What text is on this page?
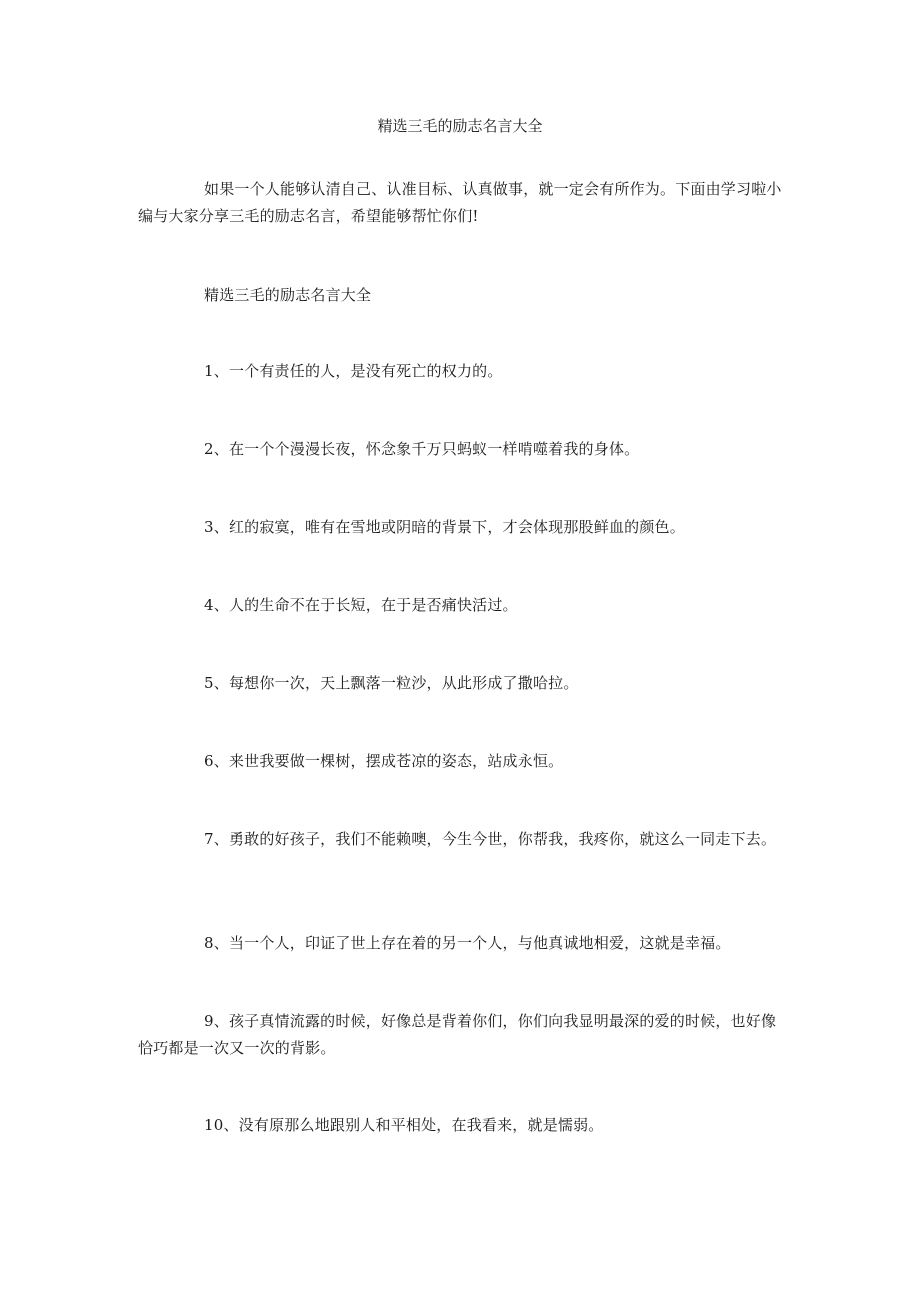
精选三毛的励志名言大全

如果一个人能够认清自己、认准目标、认真做事，就一定会有所作为。下面由学习啦小编与大家分享三毛的励志名言，希望能够帮忙你们!

精选三毛的励志名言大全

1、一个有责任的人，是没有死亡的权力的。

2、在一个个漫漫长夜，怀念象千万只蚂蚁一样啃噬着我的身体。

3、红的寂寞，唯有在雪地或阴暗的背景下，才会体现那股鲜血的颜色。

4、人的生命不在于长短，在于是否痛快活过。

5、每想你一次，天上飘落一粒沙，从此形成了撒哈拉。

6、来世我要做一棵树，摆成苍凉的姿态，站成永恒。

7、勇敢的好孩子，我们不能赖噢，今生今世，你帮我，我疼你，就这么一同走下去。

8、当一个人，印证了世上存在着的另一个人，与他真诚地相爱，这就是幸福。

9、孩子真情流露的时候，好像总是背着你们，你们向我显明最深的爱的时候，也好像恰巧都是一次又一次的背影。

10、没有原那么地跟别人和平相处，在我看来，就是懦弱。
